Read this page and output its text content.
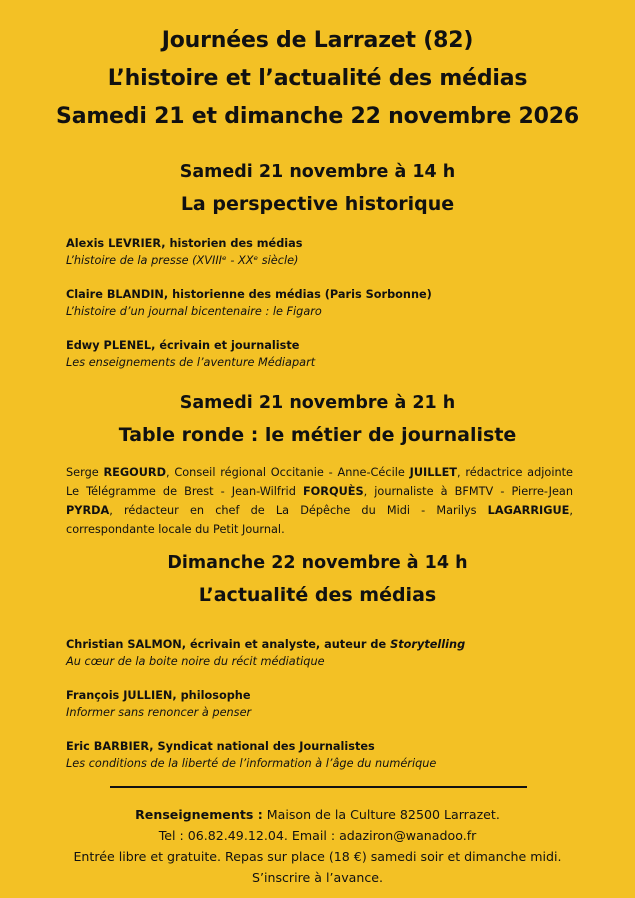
Journées de Larrazet (82)
L’histoire et l’actualité des médias
Samedi 21 et dimanche 22 novembre 2026
Samedi 21 novembre à 14 h
La perspective historique
Alexis LEVRIER, historien des médias
L’histoire de la presse (XVIIIᵉ - XXᵉ siècle)
Claire BLANDIN, historienne des médias (Paris Sorbonne)
L’histoire d’un journal bicentenaire : le Figaro
Edwy PLENEL, écrivain et journaliste
Les enseignements de l’aventure Médiapart
Samedi 21 novembre à 21 h
Table ronde : le métier de journaliste
Serge REGOURD, Conseil régional Occitanie - Anne-Cécile JUILLET, rédactrice adjointe Le Télégramme de Brest - Jean-Wilfrid FORQUÈS, journaliste à BFMTV - Pierre-Jean PYRDA, rédacteur en chef de La Dépêche du Midi - Marilys LAGARRIGUE, correspondante locale du Petit Journal.
Dimanche 22 novembre à 14 h
L’actualité des médias
Christian SALMON, écrivain et analyste, auteur de Storytelling
Au cœur de la boite noire du récit médiatique
François JULLIEN, philosophe
Informer sans renoncer à penser
Eric BARBIER, Syndicat national des Journalistes
Les conditions de la liberté de l’information à l’âge du numérique
Renseignements : Maison de la Culture 82500 Larrazet.
Tel : 06.82.49.12.04. Email : adaziron@wanadoo.fr
Entrée libre et gratuite. Repas sur place (18 €) samedi soir et dimanche midi.
S’inscrire à l’avance.
